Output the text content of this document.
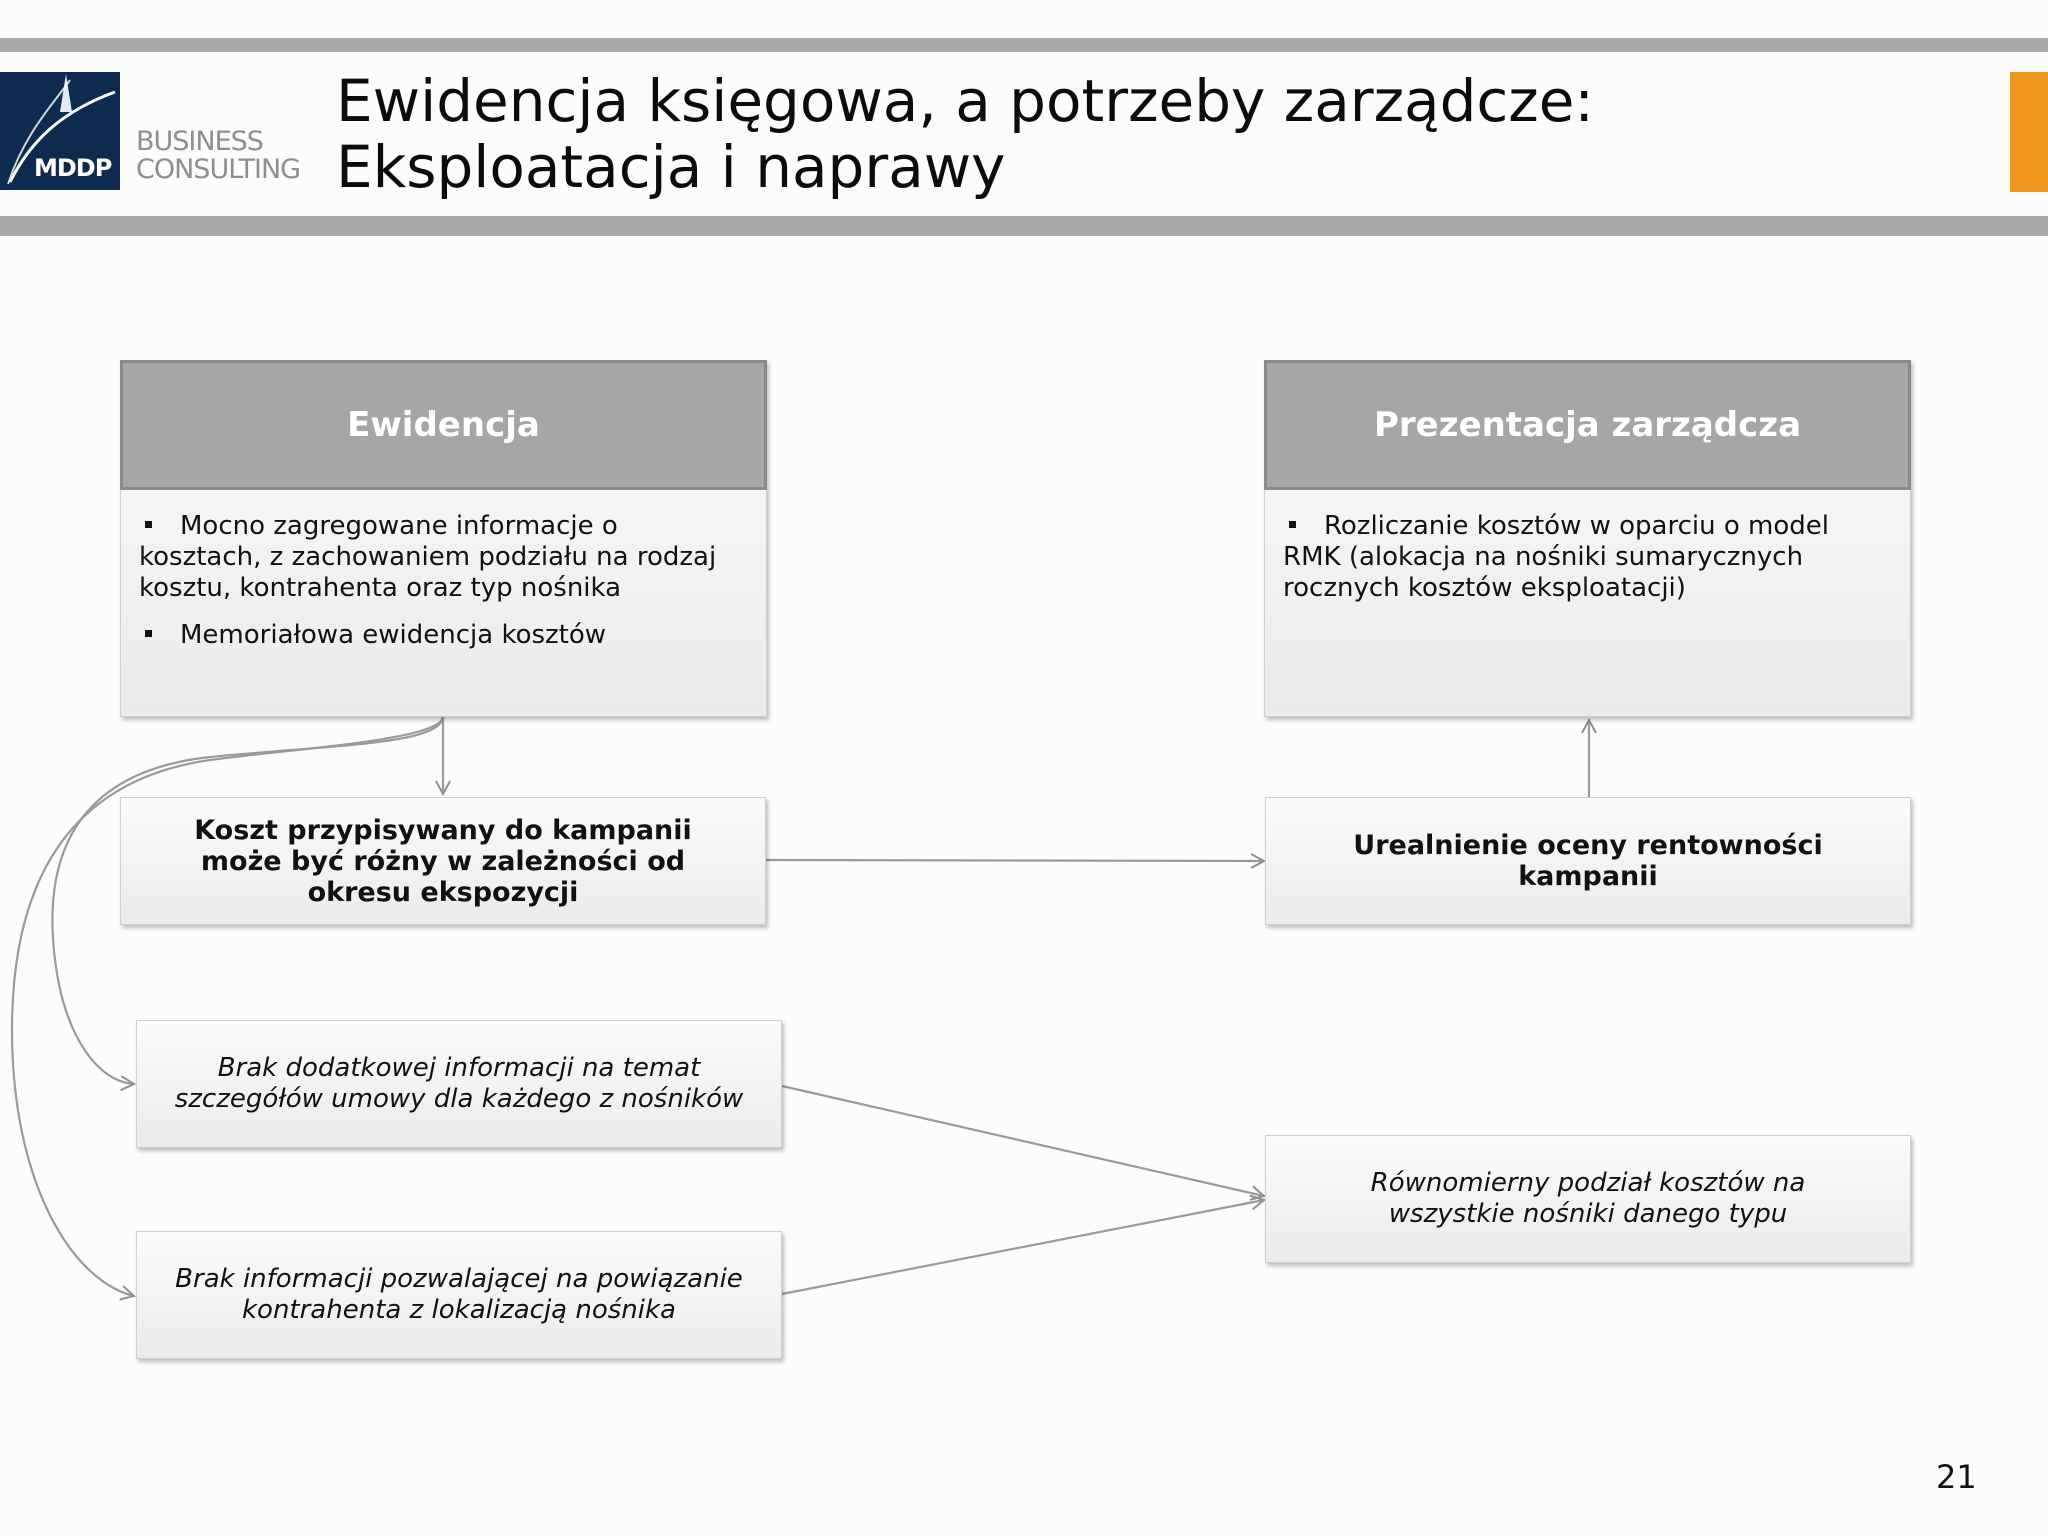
MDDP
BUSINESS
CONSULTING
Ewidencja księgowa, a potrzeby zarządcze:
Eksploatacja i naprawy
Ewidencja
Mocno zagregowane informacje o kosztach, z zachowaniem podziału na rodzaj kosztu, kontrahenta oraz typ nośnika
Memoriałowa ewidencja kosztów
Prezentacja zarządcza
Rozliczanie kosztów w oparciu o model RMK (alokacja na nośniki sumarycznych rocznych kosztów eksploatacji)
Koszt przypisywany do kampanii może być różny w zależności od okresu ekspozycji
Urealnienie oceny rentowności kampanii
Brak dodatkowej informacji na temat szczegółów umowy dla każdego z nośników
Brak informacji pozwalającej na powiązanie kontrahenta z lokalizacją nośnika
Równomierny podział kosztów na wszystkie nośniki danego typu
21
